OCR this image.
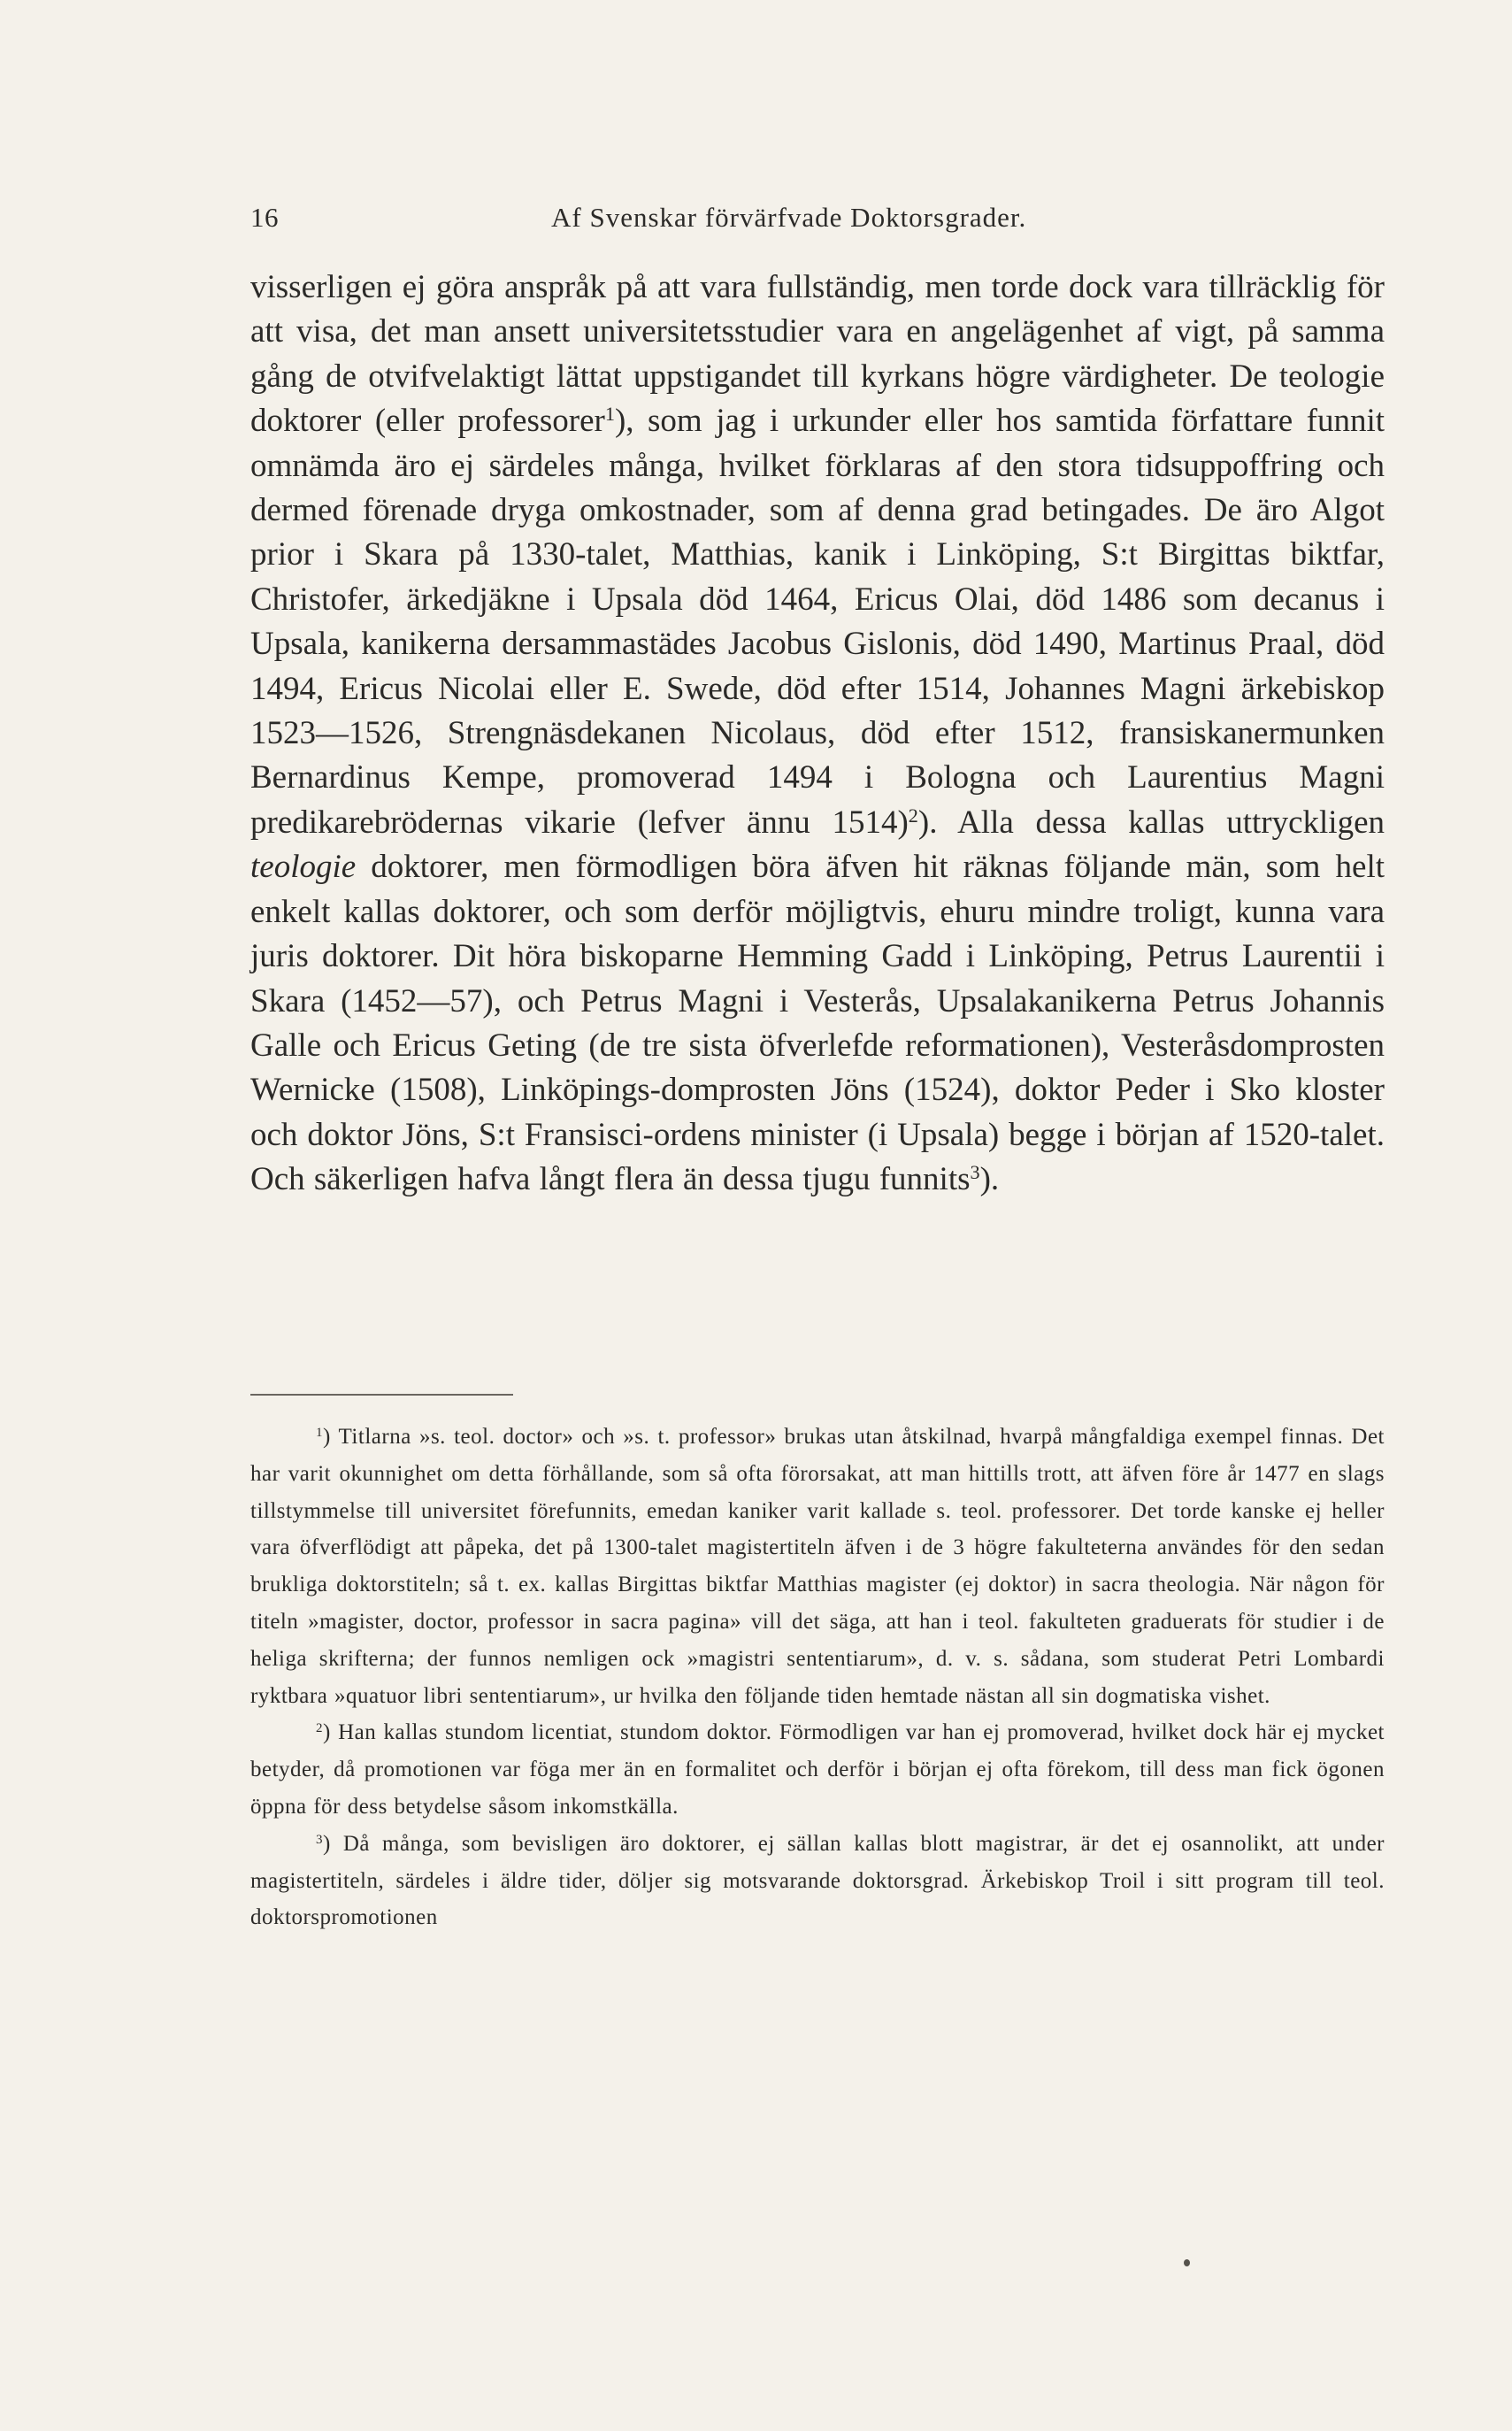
16	Af Svenskar förvärfvade Doktorsgrader.

visserligen ej göra anspråk på att vara fullständig, men torde dock vara tillräcklig för att visa, det man ansett universitetsstudier vara en angelägenhet af vigt, på samma gång de otvifvelaktigt lättat uppstigandet till kyrkans högre värdigheter. De teologie doktorer (eller professorer$^1$), som jag i urkunder eller hos samtida författare funnit omnämda äro ej särdeles många, hvilket förklaras af den stora tidsuppoffring och dermed förenade dryga omkostnader, som af denna grad betingades. De äro Algot prior i Skara på 1330-talet, Matthias, kanik i Linköping, S:t Birgittas biktfar, Christofer, ärkedjäkne i Upsala död 1464, Ericus Olai, död 1486 som decanus i Upsala, kanikerna dersammastädes Jacobus Gislonis, död 1490, Martinus Praal, död 1494, Ericus Nicolai eller E. Swede, död efter 1514, Johannes Magni ärkebiskop 1523—1526, Strengnäsdekanen Nicolaus, död efter 1512, fransiskanermunken Bernardinus Kempe, promoverad 1494 i Bologna och Laurentius Magni predikarebrödernas vikarie (lefver ännu 1514)$^2$). Alla dessa kallas uttryckligen teologie doktorer, men förmodligen böra äfven hit räknas följande män, som helt enkelt kallas doktorer, och som derför möjligtvis, ehuru mindre troligt, kunna vara juris doktorer. Dit höra biskoparne Hemming Gadd i Linköping, Petrus Laurentii i Skara (1452—57), och Petrus Magni i Vesterås, Upsalakanikerna Petrus Johannis Galle och Ericus Geting (de tre sista öfverlefde reformationen), Vesteråsdomprosten Wernicke (1508), Linköpings-domprosten Jöns (1524), doktor Peder i Sko kloster och doktor Jöns, S:t Fransisci-ordens minister (i Upsala) begge i början af 1520-talet. Och säkerligen hafva långt flera än dessa tjugu funnits$^3$).

$^1$) Titlarna »s. teol. doctor» och »s. t. professor» brukas utan åtskilnad, hvarpå mångfaldiga exempel finnas. Det har varit okunnighet om detta förhållande, som så ofta förorsakat, att man hittills trott, att äfven före år 1477 en slags tillstymmelse till universitet förefunnits, emedan kaniker varit kallade s. teol. professorer. Det torde kanske ej heller vara öfverflödigt att påpeka, det på 1300-talet magistertiteln äfven i de 3 högre fakulteterna användes för den sedan brukliga doktorstiteln; så t. ex. kallas Birgittas biktfar Matthias magister (ej doktor) in sacra theologia. När någon för titeln »magister, doctor, professor in sacra pagina» vill det säga, att han i teol. fakulteten graduerats för studier i de heliga skrifterna; der funnos nemligen ock »magistri sententiarum», d. v. s. sådana, som studerat Petri Lombardi ryktbara »quatuor libri sententiarum», ur hvilka den följande tiden hemtade nästan all sin dogmatiska vishet.

$^2$) Han kallas stundom licentiat, stundom doktor. Förmodligen var han ej promoverad, hvilket dock här ej mycket betyder, då promotionen var föga mer än en formalitet och derför i början ej ofta förekom, till dess man fick ögonen öppna för dess betydelse såsom inkomstkälla.

$^3$) Då många, som bevisligen äro doktorer, ej sällan kallas blott magistrar, är det ej osannolikt, att under magistertiteln, särdeles i äldre tider, döljer sig motsvarande doktorsgrad. Ärkebiskop Troil i sitt program till teol. doktorspromotionen
